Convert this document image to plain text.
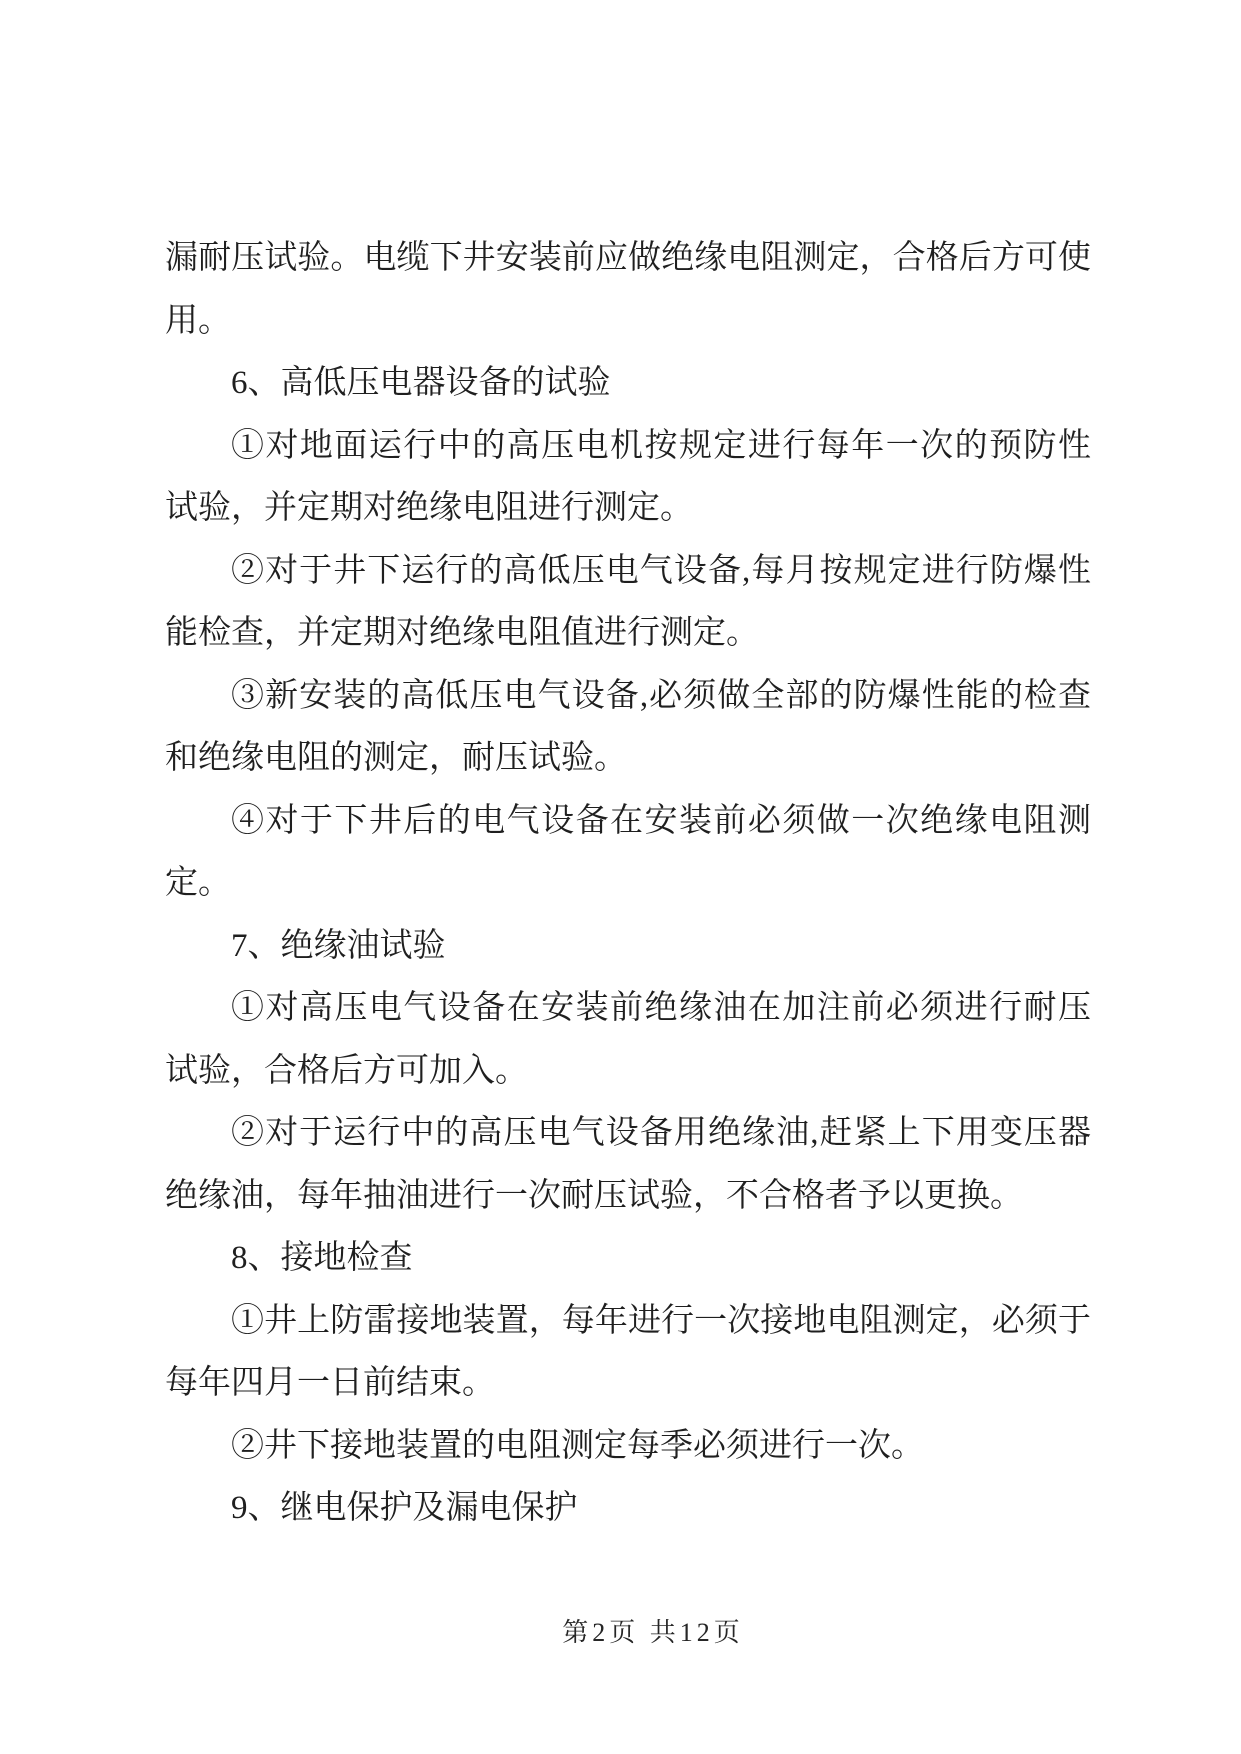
漏耐压试验。电缆下井安装前应做绝缘电阻测定，合格后方可使
用。
6、高低压电器设备的试验
①对地面运行中的高压电机按规定进行每年一次的预防性
试验，并定期对绝缘电阻进行测定。
②对于井下运行的高低压电气设备,每月按规定进行防爆性
能检查，并定期对绝缘电阻值进行测定。
③新安装的高低压电气设备,必须做全部的防爆性能的检查
和绝缘电阻的测定，耐压试验。
④对于下井后的电气设备在安装前必须做一次绝缘电阻测
定。
7、绝缘油试验
①对高压电气设备在安装前绝缘油在加注前必须进行耐压
试验，合格后方可加入。
②对于运行中的高压电气设备用绝缘油,赶紧上下用变压器
绝缘油，每年抽油进行一次耐压试验，不合格者予以更换。
8、接地检查
①井上防雷接地装置，每年进行一次接地电阻测定，必须于
每年四月一日前结束。
②井下接地装置的电阻测定每季必须进行一次。
9、继电保护及漏电保护
第2页 共12页
